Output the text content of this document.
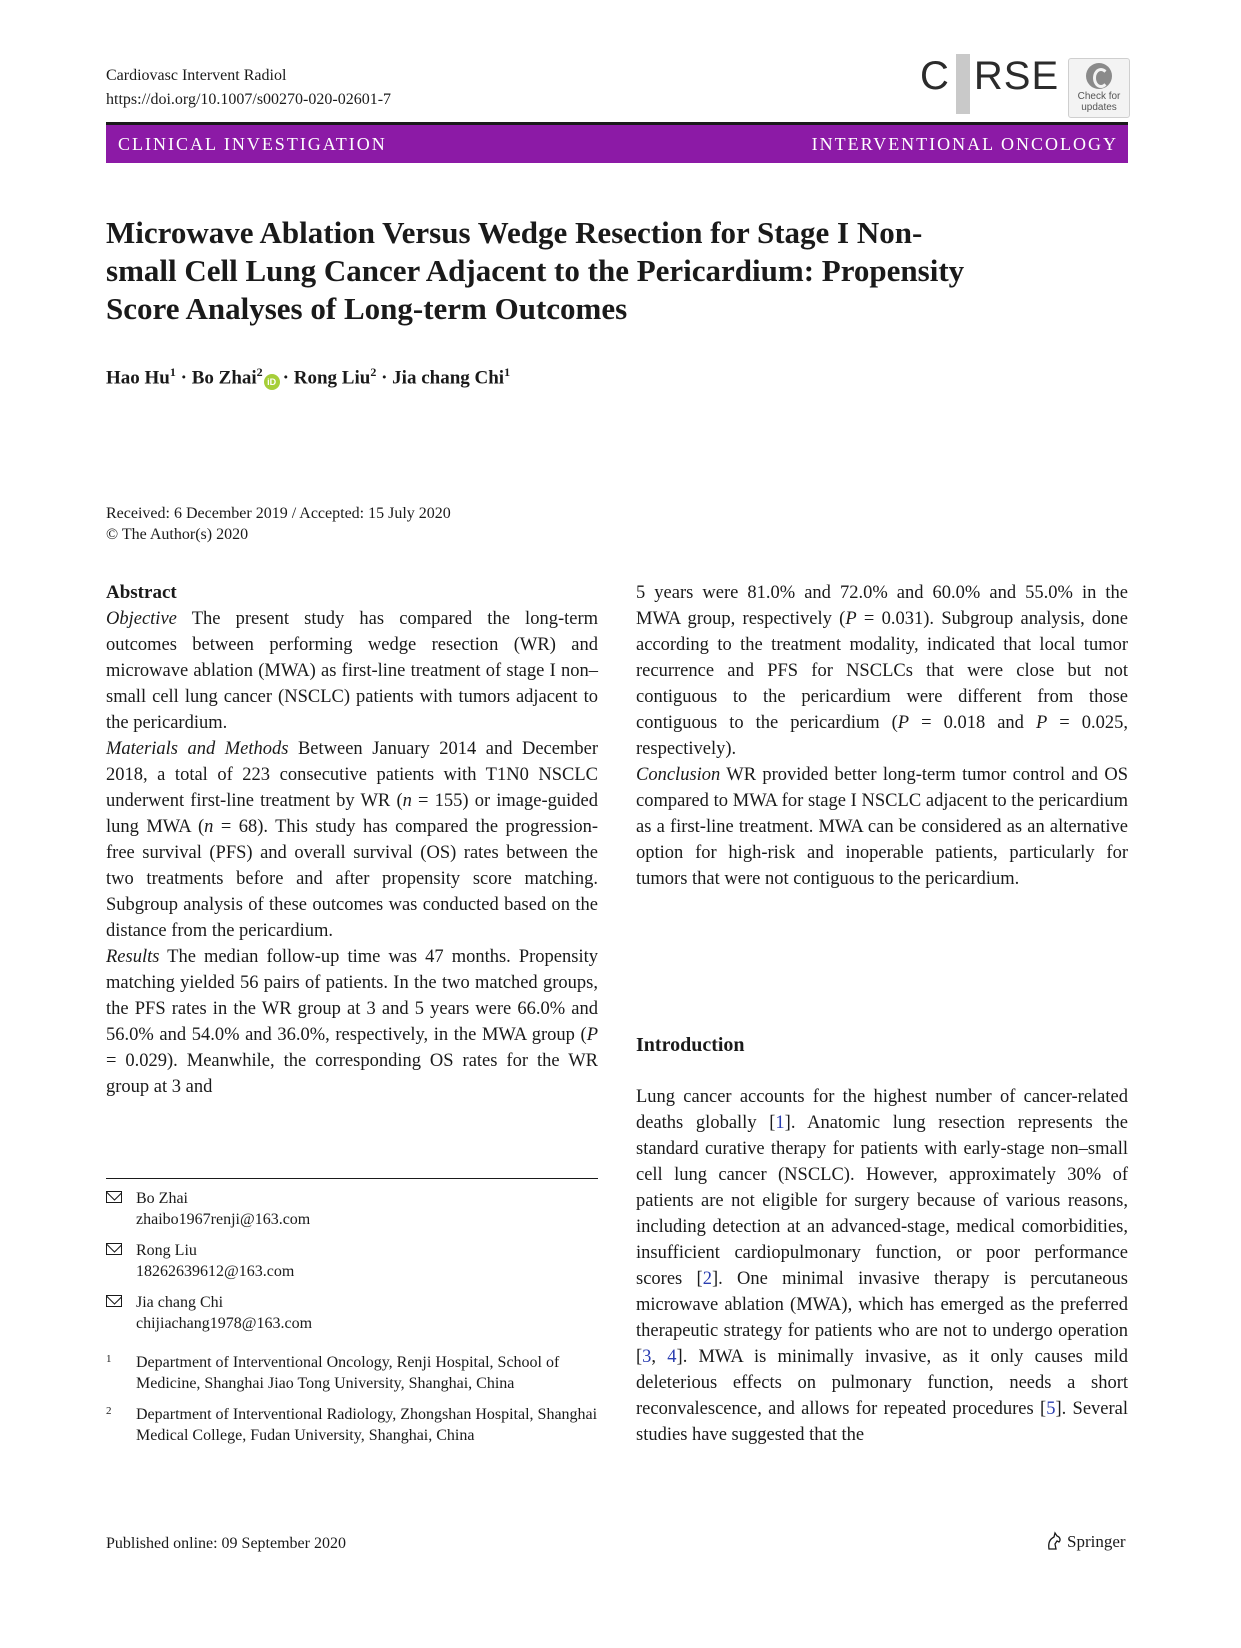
Cardiovasc Intervent Radiol
https://doi.org/10.1007/s00270-020-02601-7
C RSE	Check for
updates
CLINICAL INVESTIGATION	INTERVENTIONAL ONCOLOGY
Microwave Ablation Versus Wedge Resection for Stage I Non-
small Cell Lung Cancer Adjacent to the Pericardium: Propensity
Score Analyses of Long-term Outcomes
Hao $Hu^1 \cdot Bo$ Zhai$^2$iD · Rong Liu$^2$ · Jia chang Chi$^1$
Received: 6 December 2019 / Accepted: 15 July 2020
© The Author(s) 2020

Abstract

Objective The present study has compared the long-term outcomes between performing wedge resection (WR) and microwave ablation (MWA) as first-line treatment of stage I non–small cell lung cancer (NSCLC) patients with tumors adjacent to the pericardium.

Materials and Methods Between January 2014 and December 2018, a total of 223 consecutive patients with T1N0 NSCLC underwent first-line treatment by WR (n = 155) or image-guided lung MWA (n = 68). This study has compared the progression-free survival (PFS) and overall survival (OS) rates between the two treatments before and after propensity score matching. Subgroup analysis of these outcomes was conducted based on the distance from the pericardium.

Results The median follow-up time was 47 months. Propensity matching yielded 56 pairs of patients. In the two matched groups, the PFS rates in the WR group at 3 and 5 years were 66.0% and 56.0% and 54.0% and 36.0%, respectively, in the MWA group (P = 0.029). Meanwhile, the corresponding OS rates for the WR group at 3 and

5 years were 81.0% and 72.0% and 60.0% and 55.0% in the MWA group, respectively (P = 0.031). Subgroup analysis, done according to the treatment modality, indicated that local tumor recurrence and PFS for NSCLCs that were close but not contiguous to the pericardium were different from those contiguous to the pericardium (P = 0.018 and P = 0.025, respectively).

Conclusion WR provided better long-term tumor control and OS compared to MWA for stage I NSCLC adjacent to the pericardium as a first-line treatment. MWA can be considered as an alternative option for high-risk and inoperable patients, particularly for tumors that were not contiguous to the pericardium.

Bo Zhai
zhaibo1967renji@163.com
Rong Liu
18262639612@163.com
Jia chang Chi
chijiachang1978@163.com
1 Department of Interventional Oncology, Renji Hospital, School of Medicine, Shanghai Jiao Tong University, Shanghai, China
2 Department of Interventional Radiology, Zhongshan Hospital, Shanghai Medical College, Fudan University, Shanghai, China
Introduction

Lung cancer accounts for the highest number of cancer-related deaths globally [1]. Anatomic lung resection represents the standard curative therapy for patients with early-stage non–small cell lung cancer (NSCLC). However, approximately 30% of patients are not eligible for surgery because of various reasons, including detection at an advanced-stage, medical comorbidities, insufficient cardiopulmonary function, or poor performance scores [2]. One minimal invasive therapy is percutaneous microwave ablation (MWA), which has emerged as the preferred therapeutic strategy for patients who are not to undergo operation [3, 4]. MWA is minimally invasive, as it only causes mild deleterious effects on pulmonary function, needs a short reconvalescence, and allows for repeated procedures [5]. Several studies have suggested that the

Published online: 09 September 2020	Springer
